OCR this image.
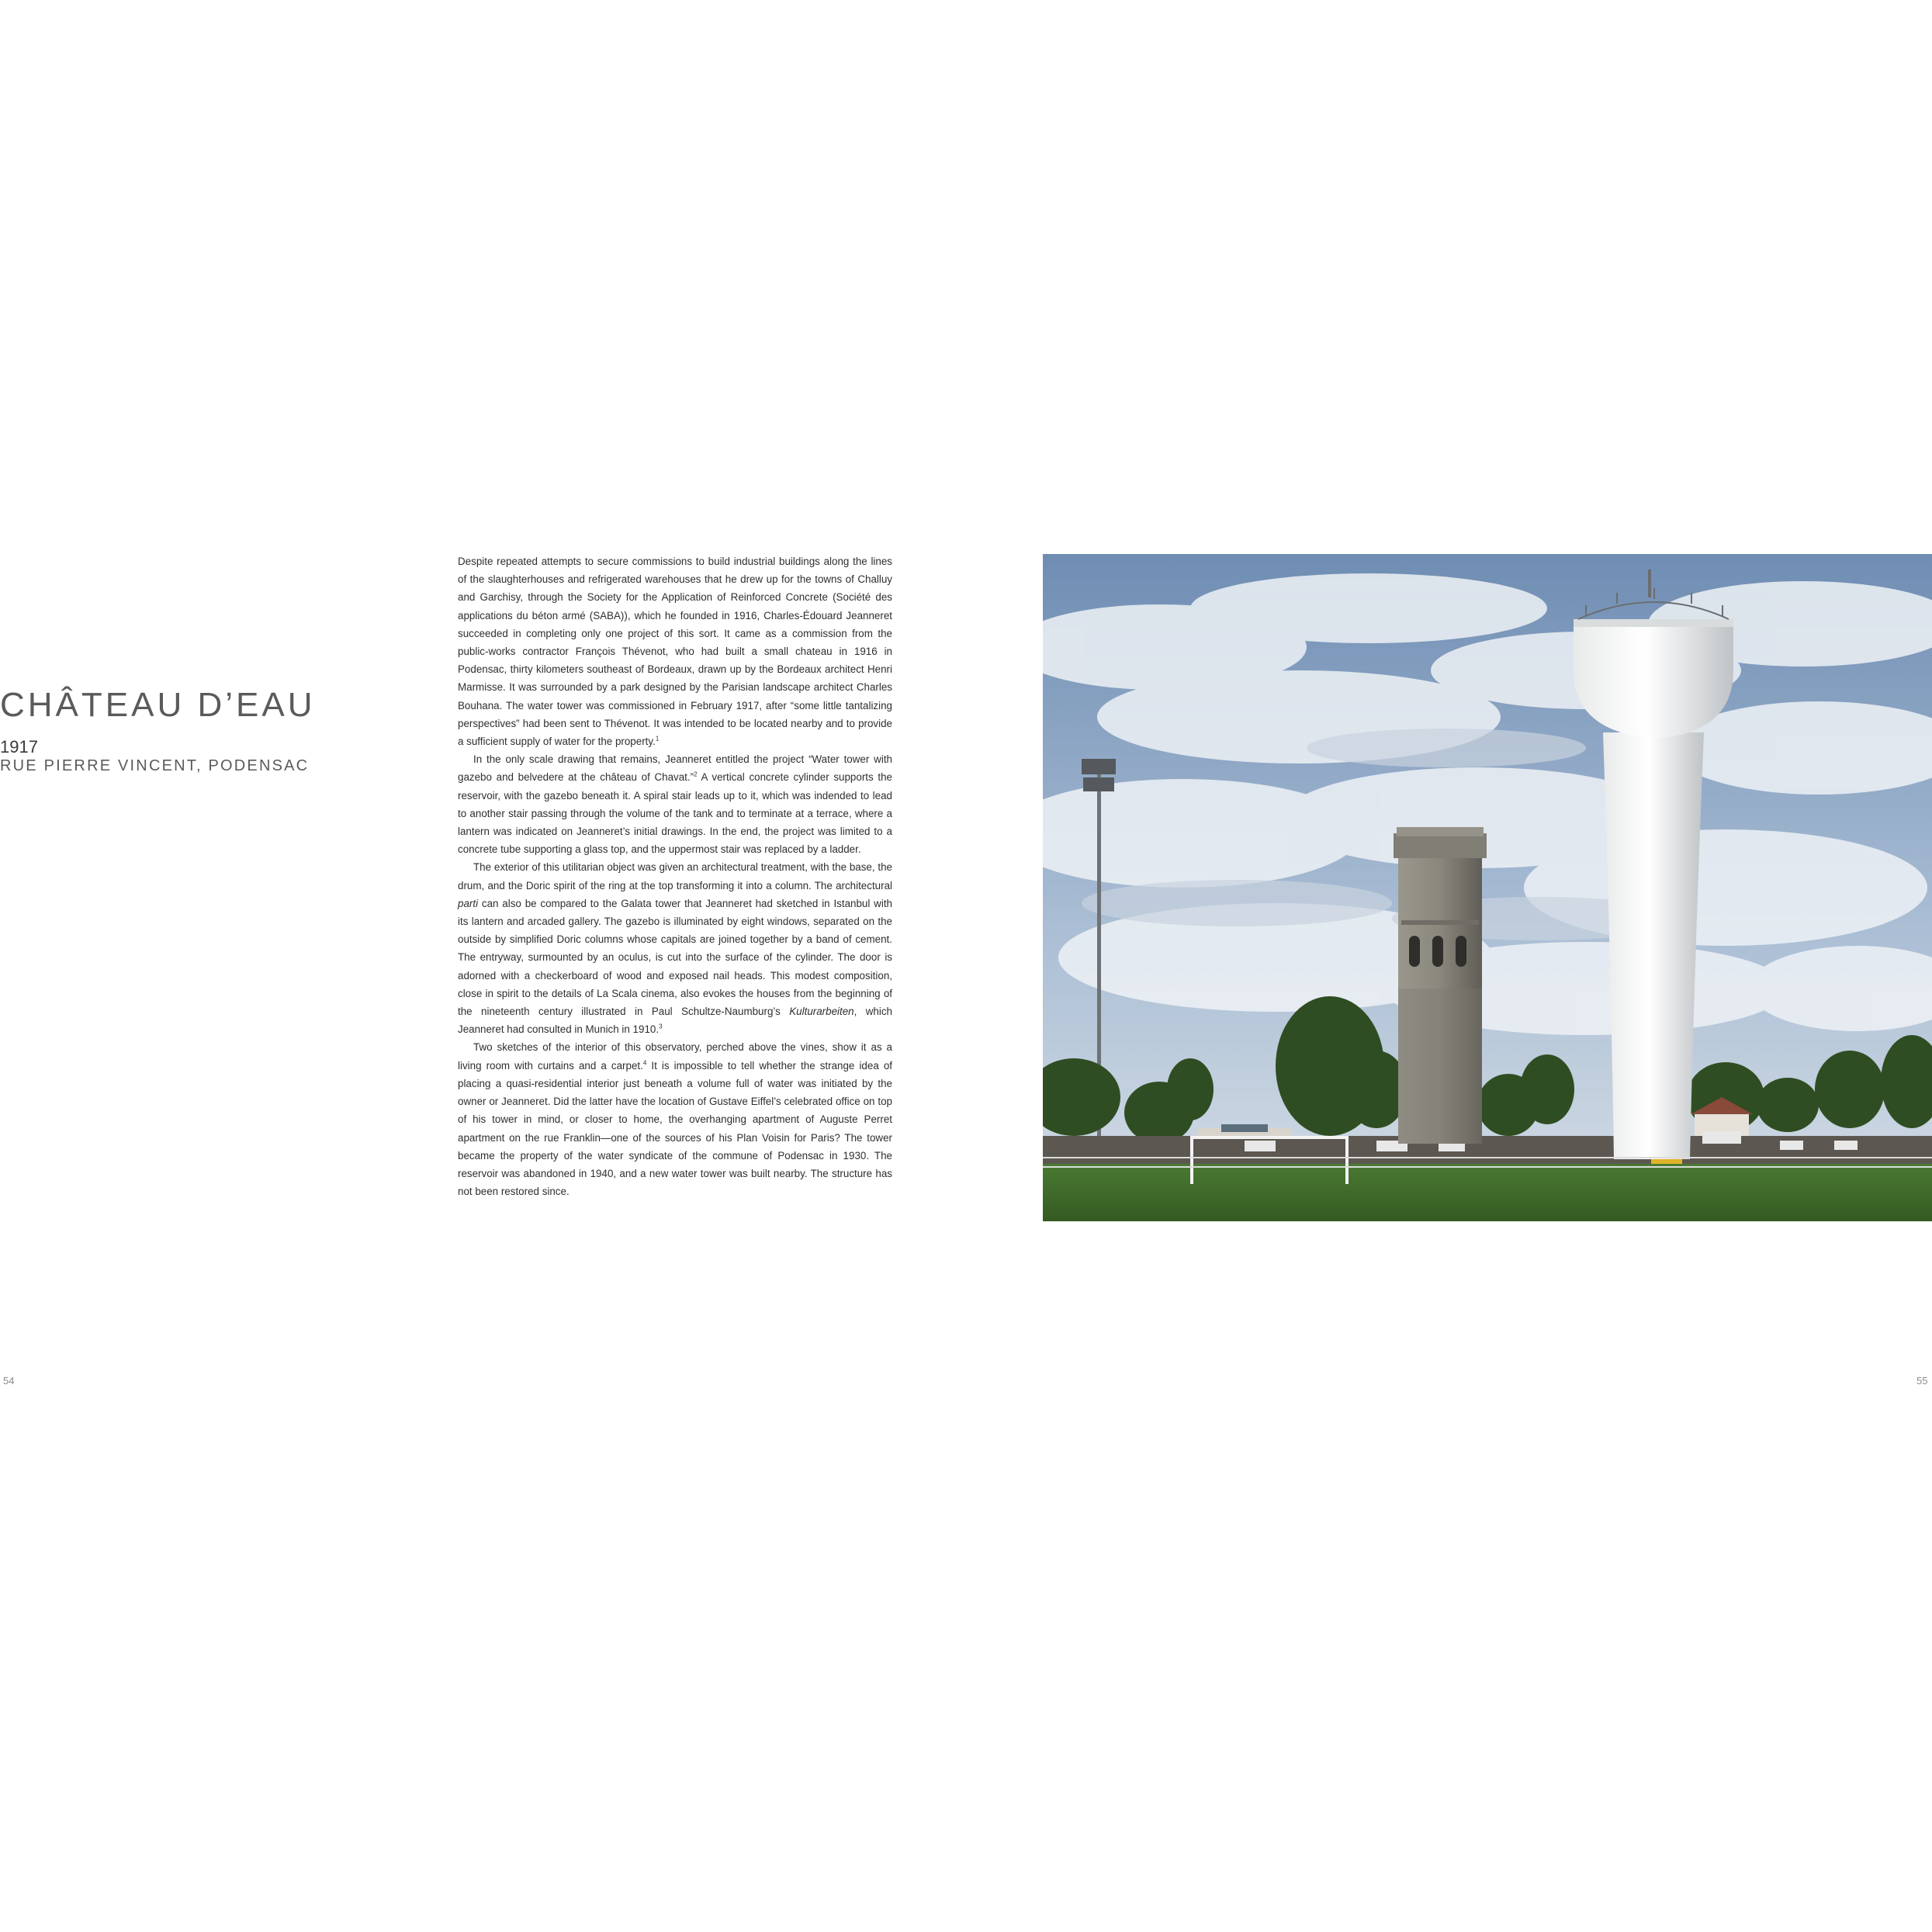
CHÂTEAU D’EAU
1917
RUE PIERRE VINCENT, PODENSAC

Despite repeated attempts to secure commissions to build industrial buildings along the lines of the slaughterhouses and refrigerated warehouses that he drew up for the towns of Challuy and Garchisy, through the Society for the Application of Reinforced Concrete (Société des applications du béton armé (SABA)), which he founded in 1916, Charles-Édouard Jeanneret succeeded in completing only one project of this sort. It came as a commission from the public-works contractor François Thévenot, who had built a small chateau in 1916 in Podensac, thirty kilometers southeast of Bordeaux, drawn up by the Bordeaux architect Henri Marmisse. It was surrounded by a park designed by the Parisian landscape architect Charles Bouhana. The water tower was commissioned in February 1917, after “some little tantalizing perspectives” had been sent to Thévenot. It was intended to be located nearby and to provide a sufficient supply of water for the property.$^1$

In the only scale drawing that remains, Jeanneret entitled the project “Water tower with gazebo and belvedere at the château of Chavat.”$^2$ A vertical concrete cylinder supports the reservoir, with the gazebo beneath it. A spiral stair leads up to it, which was indended to lead to another stair passing through the volume of the tank and to terminate at a terrace, where a lantern was indicated on Jeanneret’s initial drawings. In the end, the project was limited to a concrete tube supporting a glass top, and the uppermost stair was replaced by a ladder.

The exterior of this utilitarian object was given an architectural treatment, with the base, the drum, and the Doric spirit of the ring at the top transforming it into a column. The architectural parti can also be compared to the Galata tower that Jeanneret had sketched in Istanbul with its lantern and arcaded gallery. The gazebo is illuminated by eight windows, separated on the outside by simplified Doric columns whose capitals are joined together by a band of cement. The entryway, surmounted by an oculus, is cut into the surface of the cylinder. The door is adorned with a checkerboard of wood and exposed nail heads. This modest composition, close in spirit to the details of La Scala cinema, also evokes the houses from the beginning of the nineteenth century illustrated in Paul Schultze-Naumburg’s Kulturarbeiten, which Jeanneret had consulted in Munich in 1910.$^3$

Two sketches of the interior of this observatory, perched above the vines, show it as a living room with curtains and a carpet.$^4$ It is impossible to tell whether the strange idea of placing a quasi-residential interior just beneath a volume full of water was initiated by the owner or Jeanneret. Did the latter have the location of Gustave Eiffel’s celebrated office on top of his tower in mind, or closer to home, the overhanging apartment of Auguste Perret apartment on the rue Franklin—one of the sources of his Plan Voisin for Paris? The tower became the property of the water syndicate of the commune of Podensac in 1930. The reservoir was abandoned in 1940, and a new water tower was built nearby. The structure has not been restored since.

54	55
